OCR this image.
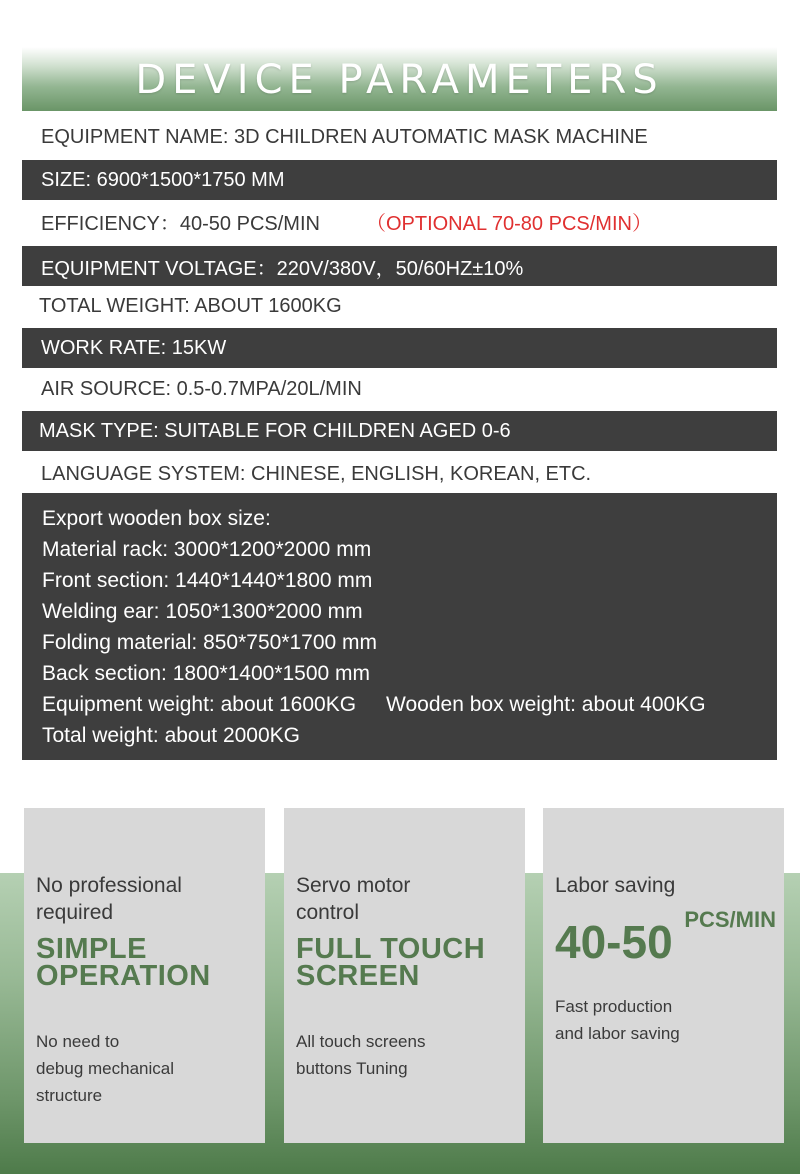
DEVICE PARAMETERS
EQUIPMENT NAME: 3D CHILDREN AUTOMATIC MASK MACHINE
SIZE: 6900*1500*1750 MM
EFFICIENCY：40-50 PCS/MIN （OPTIONAL 70-80 PCS/MIN）
EQUIPMENT VOLTAGE：220V/380V，50/60HZ±10%
TOTAL WEIGHT: ABOUT 1600KG
WORK RATE: 15KW
AIR SOURCE: 0.5-0.7MPA/20L/MIN
MASK TYPE: SUITABLE FOR CHILDREN AGED 0-6
LANGUAGE SYSTEM: CHINESE, ENGLISH, KOREAN, ETC.
Export wooden box size:
Material rack: 3000*1200*2000 mm
Front section: 1440*1440*1800 mm
Welding ear: 1050*1300*2000 mm
Folding material: 850*750*1700 mm
Back section: 1800*1400*1500 mm
Equipment weight: about 1600KG Wooden box weight: about 400KG
Total weight: about 2000KG
No professional
required
SIMPLE
OPERATION
No need to
debug mechanical
structure
Servo motor
control
FULL TOUCH
SCREEN
All touch screens
buttons Tuning
Labor saving
PCS/MIN
40-50
Fast production
and labor saving
